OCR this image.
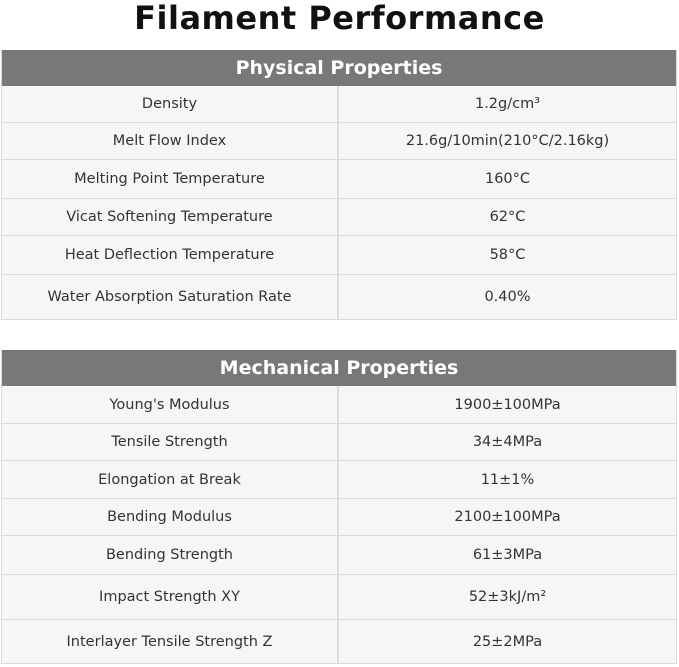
Filament Performance
Physical Properties
Density	1.2g/cm³
Melt Flow Index	21.6g/10min(210°C/2.16kg)
Melting Point Temperature	160°C
Vicat Softening Temperature	62°C
Heat Deflection Temperature	58°C
Water Absorption Saturation Rate	0.40%
Mechanical Properties
Young's Modulus	1900±100MPa
Tensile Strength	34±4MPa
Elongation at Break	11±1%
Bending Modulus	2100±100MPa
Bending Strength	61±3MPa
Impact Strength XY	52±3kJ/m²
Interlayer Tensile Strength Z	25±2MPa
